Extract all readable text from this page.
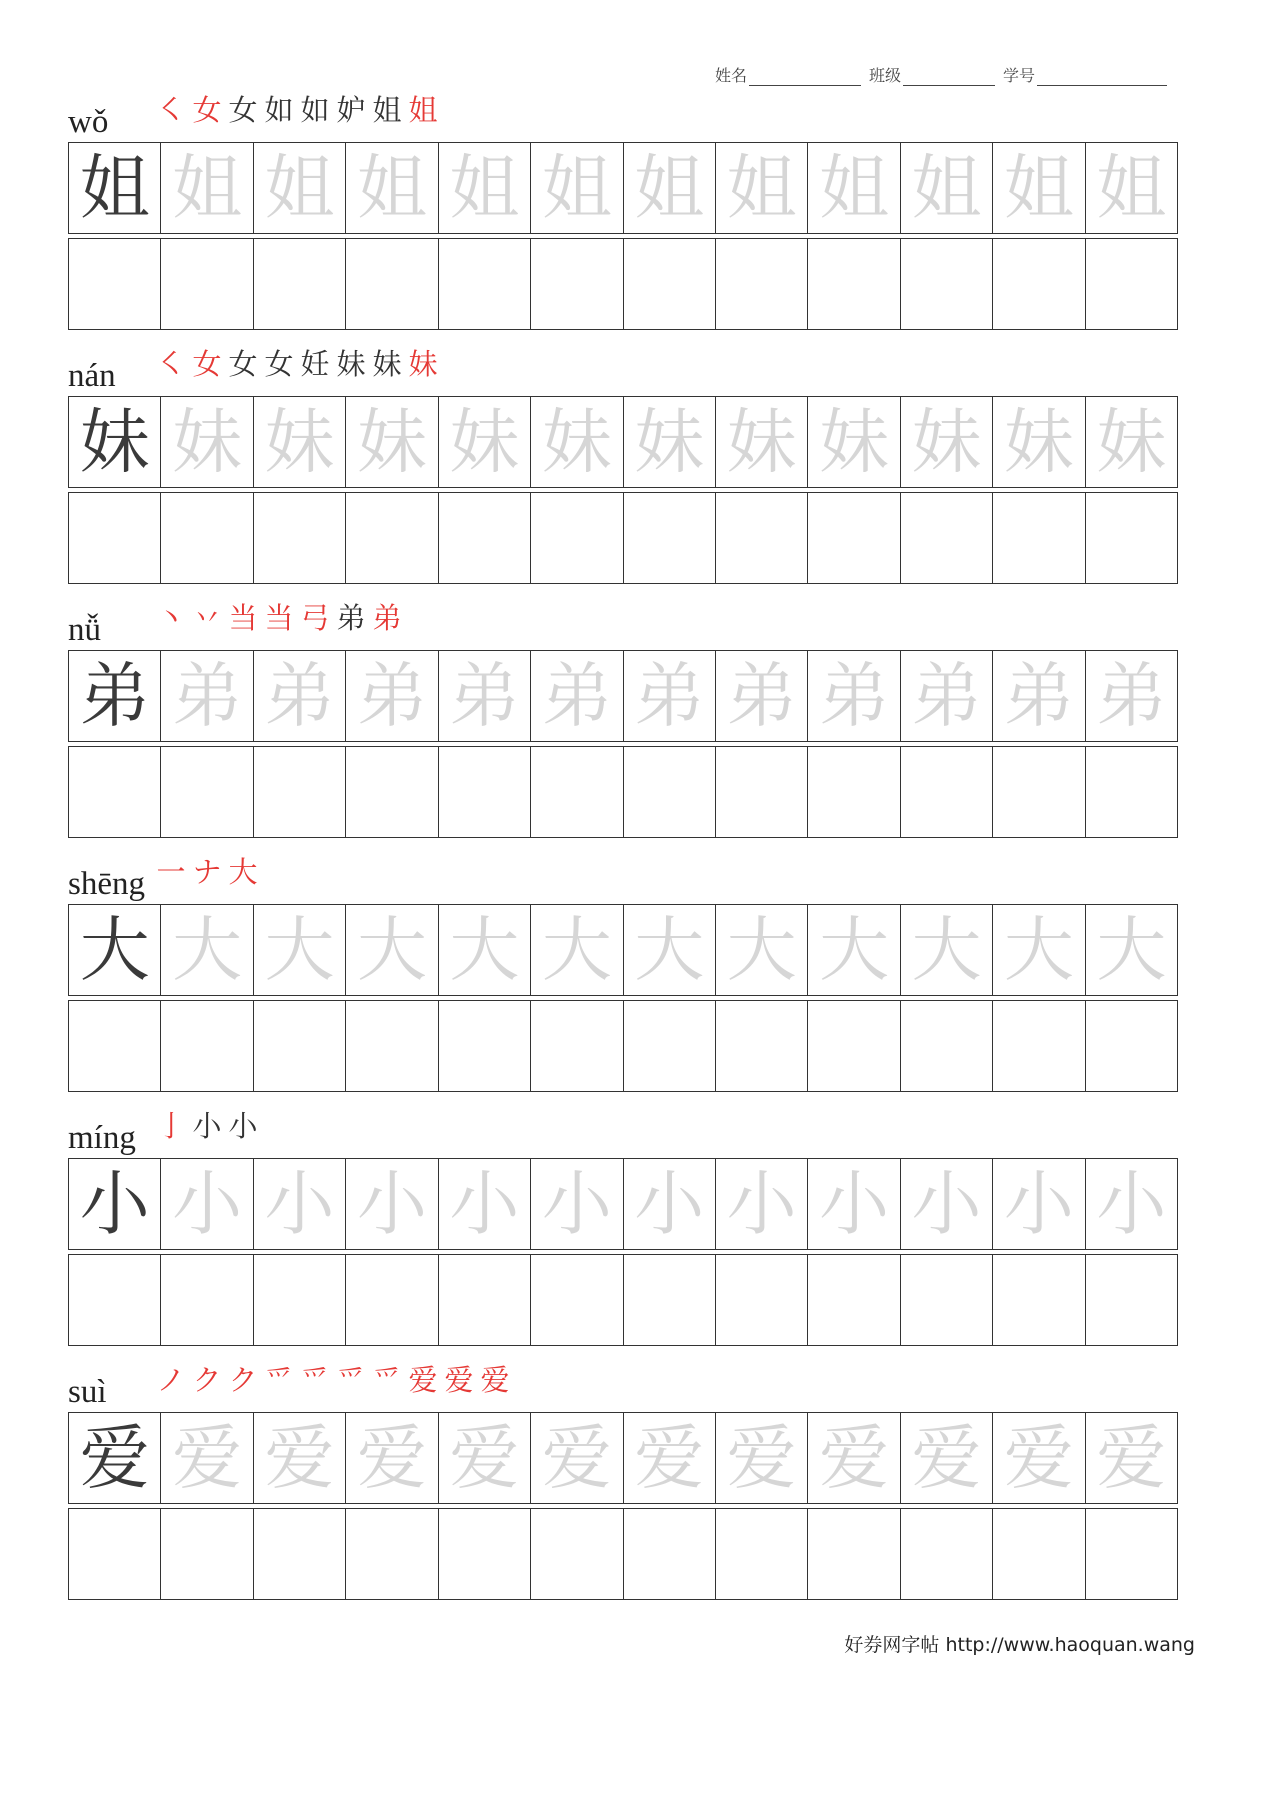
姓名	班级	学号
wǒ ㇛ 女 女 如 如 妒 姐 姐
姐 姐 姐 姐 姐 姐 姐 姐 姐 姐 姐 姐
nán ㇛ 女 女 女 妊 妹 妹 妹
妹 妹 妹 妹 妹 妹 妹 妹 妹 妹 妹 妹
nǚ 丶 丷 当 当 弓 弟 弟
弟 弟 弟 弟 弟 弟 弟 弟 弟 弟 弟 弟
shēng 一 ナ 大
大 大 大 大 大 大 大 大 大 大 大 大
míng 亅 小 小
小 小 小 小 小 小 小 小 小 小 小 小
suì ノ ク ク 爫 爫 爫 爫 爱 爱 爱
爱 爱 爱 爱 爱 爱 爱 爱 爱 爱 爱 爱
好券网字帖 http://www.haoquan.wang
